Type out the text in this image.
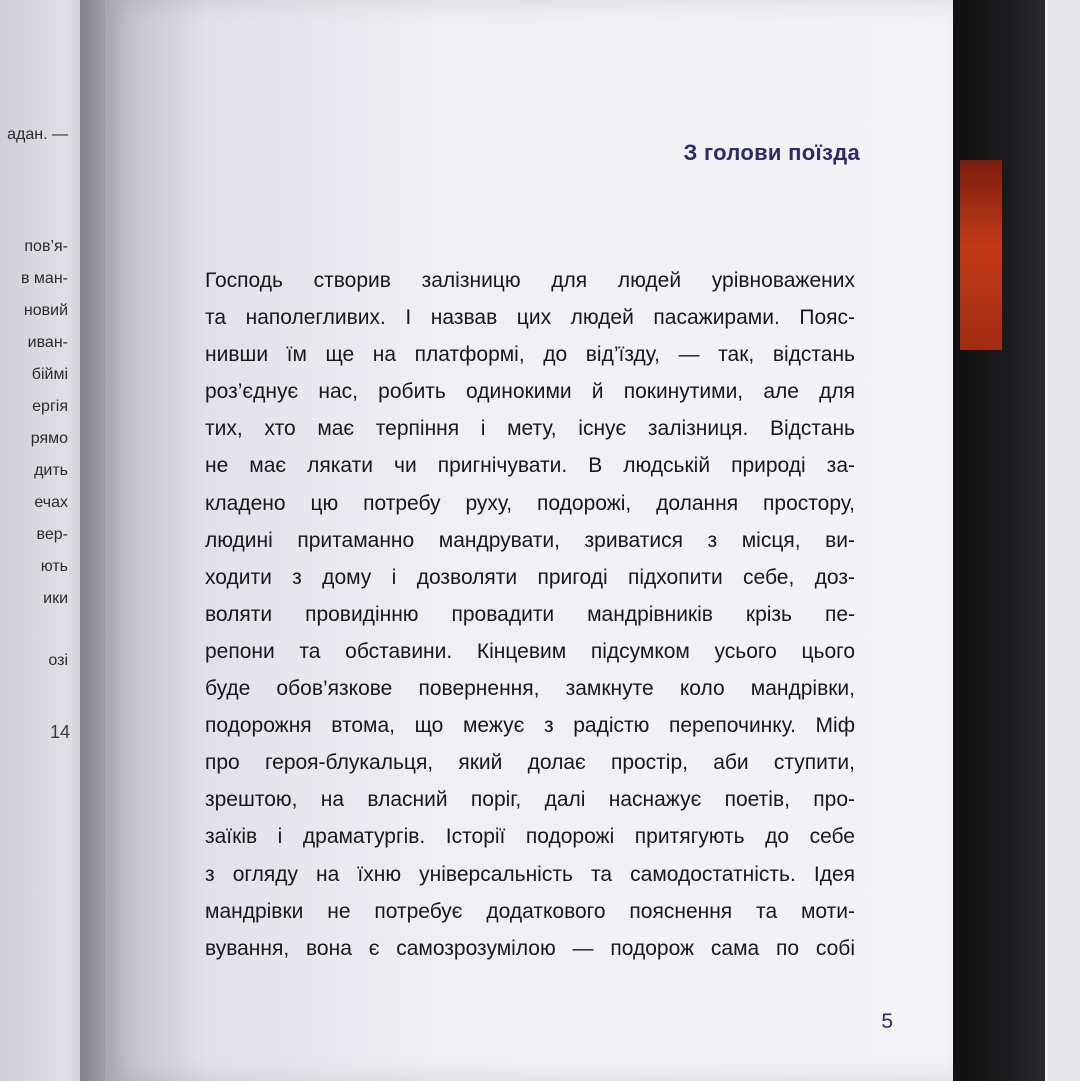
адан. —
пов’я-
в ман-
новий
иван-
біймі
ергія
рямо
дить
ечах
вер-
ють
ики
озі
14
З голови поїзда
Господь створив залізницю для людей урівноважених
та наполегливих. І назвав цих людей пасажирами. Пояс-
нивши їм ще на платформі, до від’їзду, — так, відстань
роз’єднує нас, робить одинокими й покинутими, але для
тих, хто має терпіння і мету, існує залізниця. Відстань
не має лякати чи пригнічувати. В людській природі за-
кладено цю потребу руху, подорожі, долання простору,
людині притаманно мандрувати, зриватися з місця, ви-
ходити з дому і дозволяти пригоді підхопити себе, доз-
воляти провидінню провадити мандрівників крізь пе-
репони та обставини. Кінцевим підсумком усього цього
буде обов’язкове повернення, замкнуте коло мандрівки,
подорожня втома, що межує з радістю перепочинку. Міф
про героя-блукальця, який долає простір, аби ступити,
зрештою, на власний поріг, далі наснажує поетів, про-
заїків і драматургів. Історії подорожі притягують до себе
з огляду на їхню універсальність та самодостатність. Ідея
мандрівки не потребує додаткового пояснення та моти-
вування, вона є самозрозумілою — подорож сама по собі
5
